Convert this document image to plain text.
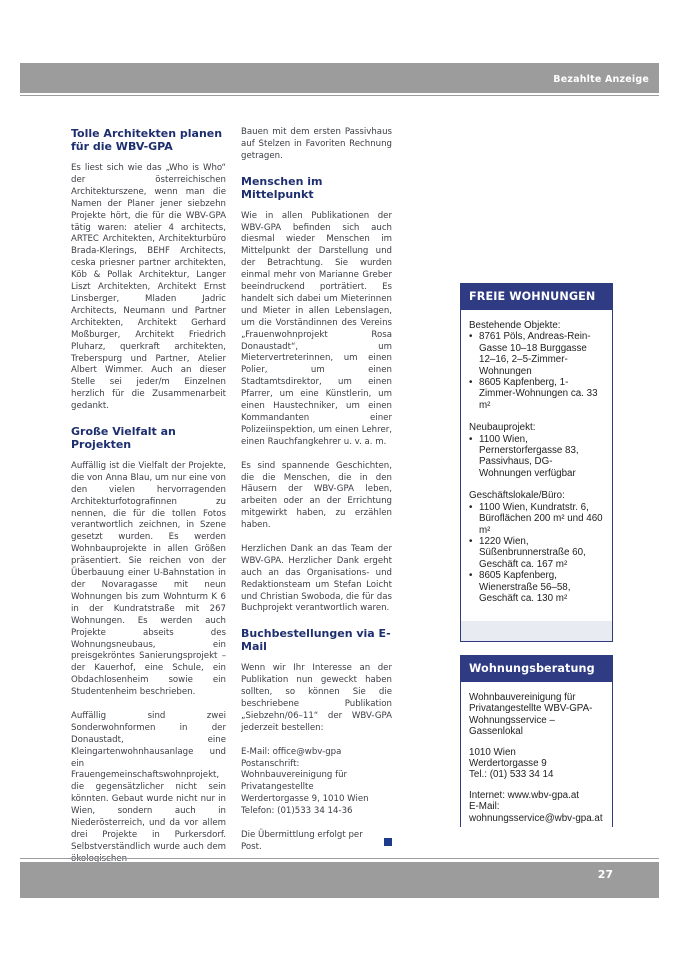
Bezahlte Anzeige
Tolle Architekten planen für die WBV-GPA

Es liest sich wie das „Who is Who“ der österreichischen Architekturszene, wenn man die Namen der Planer jener siebzehn Projekte hört, die für die WBV-GPA tätig waren: atelier 4 architects, ARTEC Architekten, Architekturbüro Brada-Klerings, BEHF Architects, ceska priesner partner architekten, Köb & Pollak Architektur, Langer Liszt Architekten, Architekt Ernst Linsberger, Mladen Jadric Architects, Neumann und Partner Architekten, Architekt Gerhard Moßburger, Architekt Friedrich Pluharz, querkraft architekten, Treberspurg und Partner, Atelier Albert Wimmer. Auch an dieser Stelle sei jeder/m Einzelnen herzlich für die Zusammenarbeit gedankt.

Große Vielfalt an Projekten

Auffällig ist die Vielfalt der Projekte, die von Anna Blau, um nur eine von den vielen hervorragenden Architekturfotografinnen zu nennen, die für die tollen Fotos verantwortlich zeichnen, in Szene gesetzt wurden. Es werden Wohnbauprojekte in allen Größen präsentiert. Sie reichen von der Überbauung einer U-Bahnstation in der Novaragasse mit neun Wohnungen bis zum Wohnturm K 6 in der Kundratstraße mit 267 Wohnungen. Es werden auch Projekte abseits des Wohnungsneubaus, ein preisgekröntes Sanierungsprojekt – der Kauerhof, eine Schule, ein Obdachlosenheim sowie ein Studentenheim beschrieben.

Auffällig sind zwei Sonderwohnformen in der Donaustadt, eine Kleingartenwohnhausanlage und ein Frauengemeinschaftswohnprojekt, die gegensätzlicher nicht sein könnten. Gebaut wurde nicht nur in Wien, sondern auch in Niederösterreich, und da vor allem drei Projekte in Purkersdorf. Selbstverständlich wurde auch dem

Bauen mit dem ersten Passivhaus auf Stelzen in Favoriten Rechnung getragen.

Menschen im Mittelpunkt

Wie in allen Publikationen der WBV-GPA befinden sich auch diesmal wieder Menschen im Mittelpunkt der Darstellung und der Betrachtung. Sie wurden einmal mehr von Marianne Greber beeindruckend porträtiert. Es handelt sich dabei um Mieterinnen und Mieter in allen Lebenslagen, um die Vorständinnen des Vereins „Frauenwohnprojekt Rosa Donaustadt“, um Mietervertreterinnen, um einen Polier, um einen Stadtamtsdirektor, um einen Pfarrer, um eine Künstlerin, um einen Haustechniker, um einen Kommandanten einer Polizeiinspektion, um einen Lehrer, einen Rauchfangkehrer u. v. a. m.

Es sind spannende Geschichten, die die Menschen, die in den Häusern der WBV-GPA leben, arbeiten oder an der Errichtung mitgewirkt haben, zu erzählen haben.

Herzlichen Dank an das Team der WBV-GPA. Herzlicher Dank ergeht auch an das Organisations- und Redaktionsteam um Stefan Loicht und Christian Swoboda, die für das Buchprojekt verantwortlich waren.

Buchbestellungen via E-Mail

Wenn wir Ihr Interesse an der Publikation nun geweckt haben sollten, so können Sie die beschriebene Publikation „Siebzehn/06–11“ der WBV-GPA jederzeit bestellen:

E-Mail: office@wbv-gpa
Postanschrift: Wohnbauvereinigung für Privatangestellte
Werdertorgasse 9, 1010 Wien
Telefon: (01)533 34 14-36
Die Übermittlung erfolgt per Post.
FREIE WOHNUNGEN
Bestehende Objekte:
• 8761 Pöls, Andreas-Rein-Gasse 10–18 Burggasse 12–16, 2–5-Zimmer-Wohnungen
• 8605 Kapfenberg, 1-Zimmer-Wohnungen ca. 33 m²
Neubauprojekt:
• 1100 Wien, Pernerstorfergasse 83, Passivhaus, DG-Wohnungen verfügbar
Geschäftslokale/Büro:
• 1100 Wien, Kundratstr. 6, Büroflächen 200 m² und 460 m²
• 1220 Wien, Süßenbrunnerstraße 60, Geschäft ca. 167 m²
• 8605 Kapfenberg, Wienerstraße 56–58, Geschäft ca. 130 m²
Wohnungsberatung
Wohnbauvereinigung für Privatangestellte WBV-GPA-Wohnungsservice – Gassenlokal
1010 Wien
Werdertorgasse 9
Tel.: (01) 533 34 14
Internet: www.wbv-gpa.at
E-Mail: wohnungsservice@wbv-gpa.at
27
